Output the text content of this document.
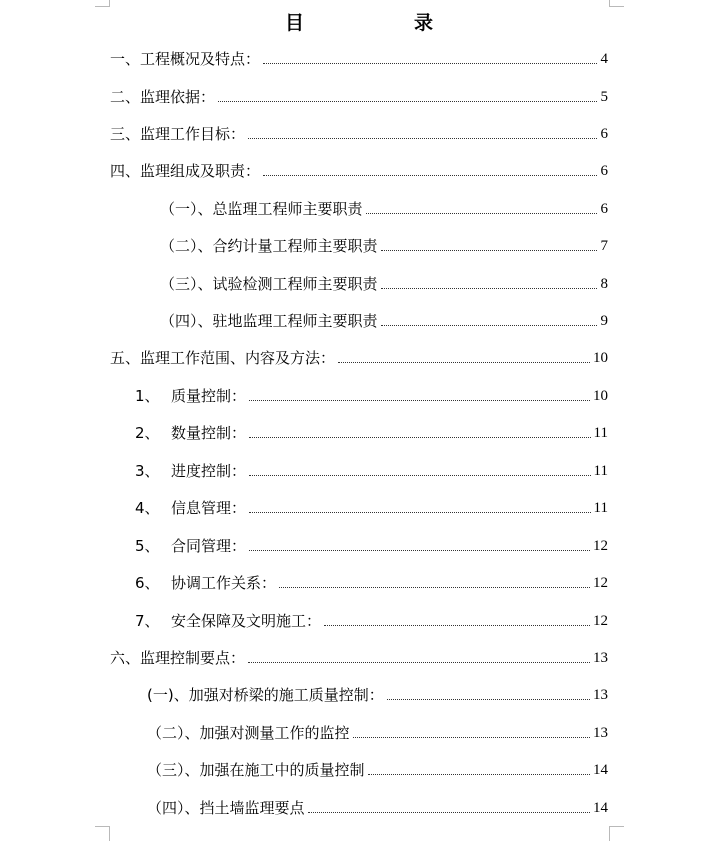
目	录
一、工程概况及特点：	4
二、监理依据：	5
三、监理工作目标：	6
四、监理组成及职责：	6
（一）、总监理工程师主要职责	6
（二）、合约计量工程师主要职责	7
（三）、试验检测工程师主要职责	8
（四）、驻地监理工程师主要职责	9
五、监理工作范围、内容及方法：	10
1、 质量控制：	10
2、 数量控制：	11
3、 进度控制：	11
4、 信息管理：	11
5、 合同管理：	12
6、 协调工作关系：	12
7、 安全保障及文明施工：	12
六、监理控制要点：	13
(一)、加强对桥梁的施工质量控制：	13
（二）、加强对测量工作的监控	13
（三）、加强在施工中的质量控制	14
（四）、挡土墙监理要点	14
